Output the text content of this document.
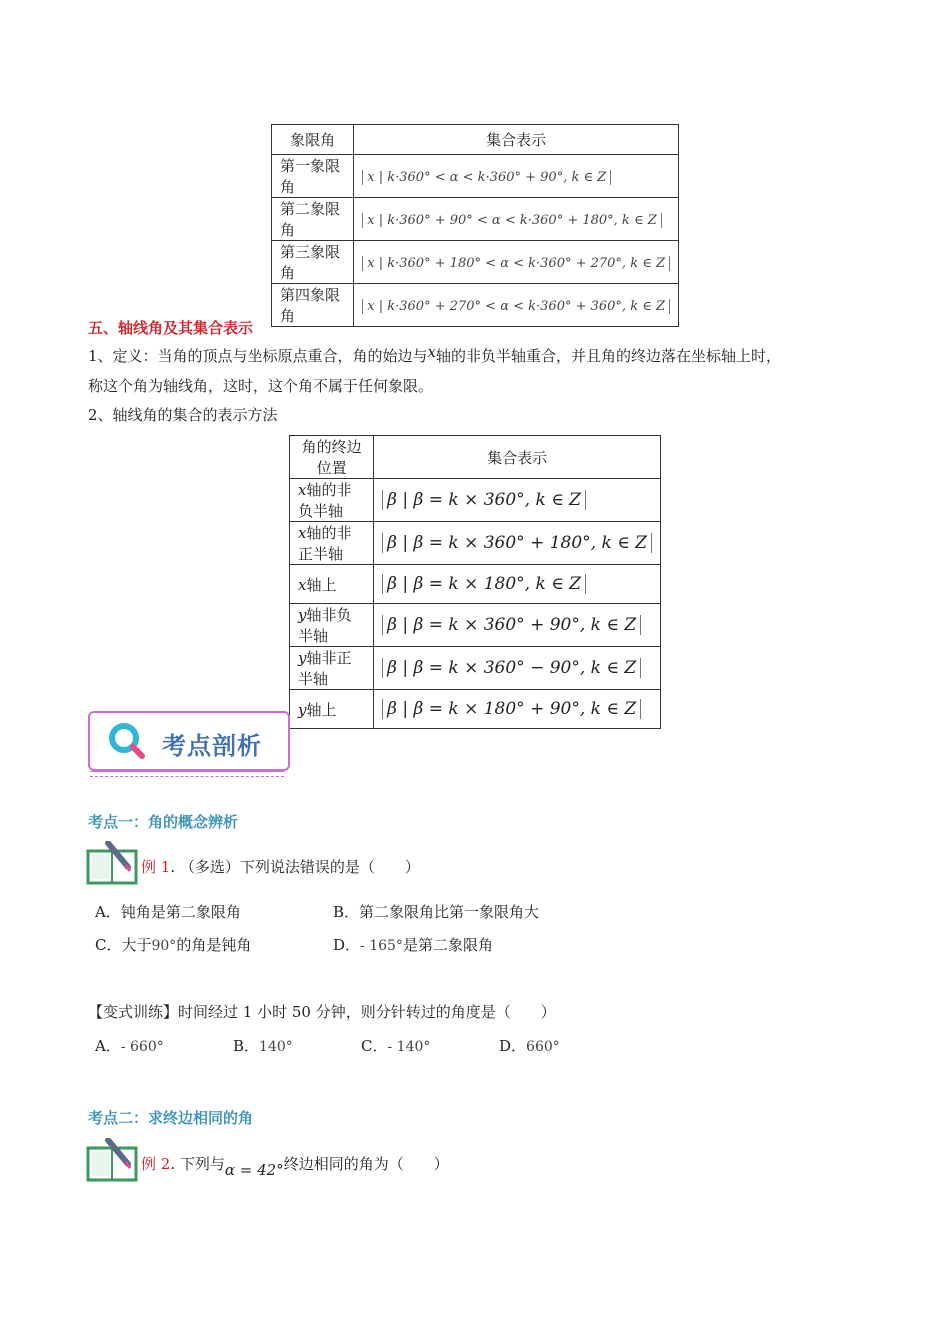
象限角	集合表示
第一象限角	x | k·360° < α < k·360° + 90°, k ∈ Z
第二象限角	x | k·360° + 90° < α < k·360° + 180°, k ∈ Z
第三象限角	x | k·360° + 180° < α < k·360° + 270°, k ∈ Z
第四象限角	x | k·360° + 270° < α < k·360° + 360°, k ∈ Z
五、轴线角及其集合表示
1、定义：当角的顶点与坐标原点重合，角的始边与x轴的非负半轴重合，并且角的终边落在坐标轴上时，
称这个角为轴线角，这时，这个角不属于任何象限。
2、轴线角的集合的表示方法
角的终边位置	集合表示
x轴的非负半轴	β | β = k × 360°, k ∈ Z
x轴的非正半轴	β | β = k × 360° + 180°, k ∈ Z
x轴上	β | β = k × 180°, k ∈ Z
y轴非负半轴	β | β = k × 360° + 90°, k ∈ Z
y轴非正半轴	β | β = k × 360° − 90°, k ∈ Z
y轴上	β | β = k × 180° + 90°, k ∈ Z
考点剖析
考点一：角的概念辨析
例 1. （多选）下列说法错误的是（　　）
A．钝角是第二象限角	B．第二象限角比第一象限角大
C．大于90°的角是钝角	D．- 165°是第二象限角
【变式训练】时间经过 1 小时 50 分钟，则分针转过的角度是（　　）
A．- 660°	B．140°	C．- 140°	D．660°
考点二：求终边相同的角
例 2. 下列与α = 42°终边相同的角为（　　）
